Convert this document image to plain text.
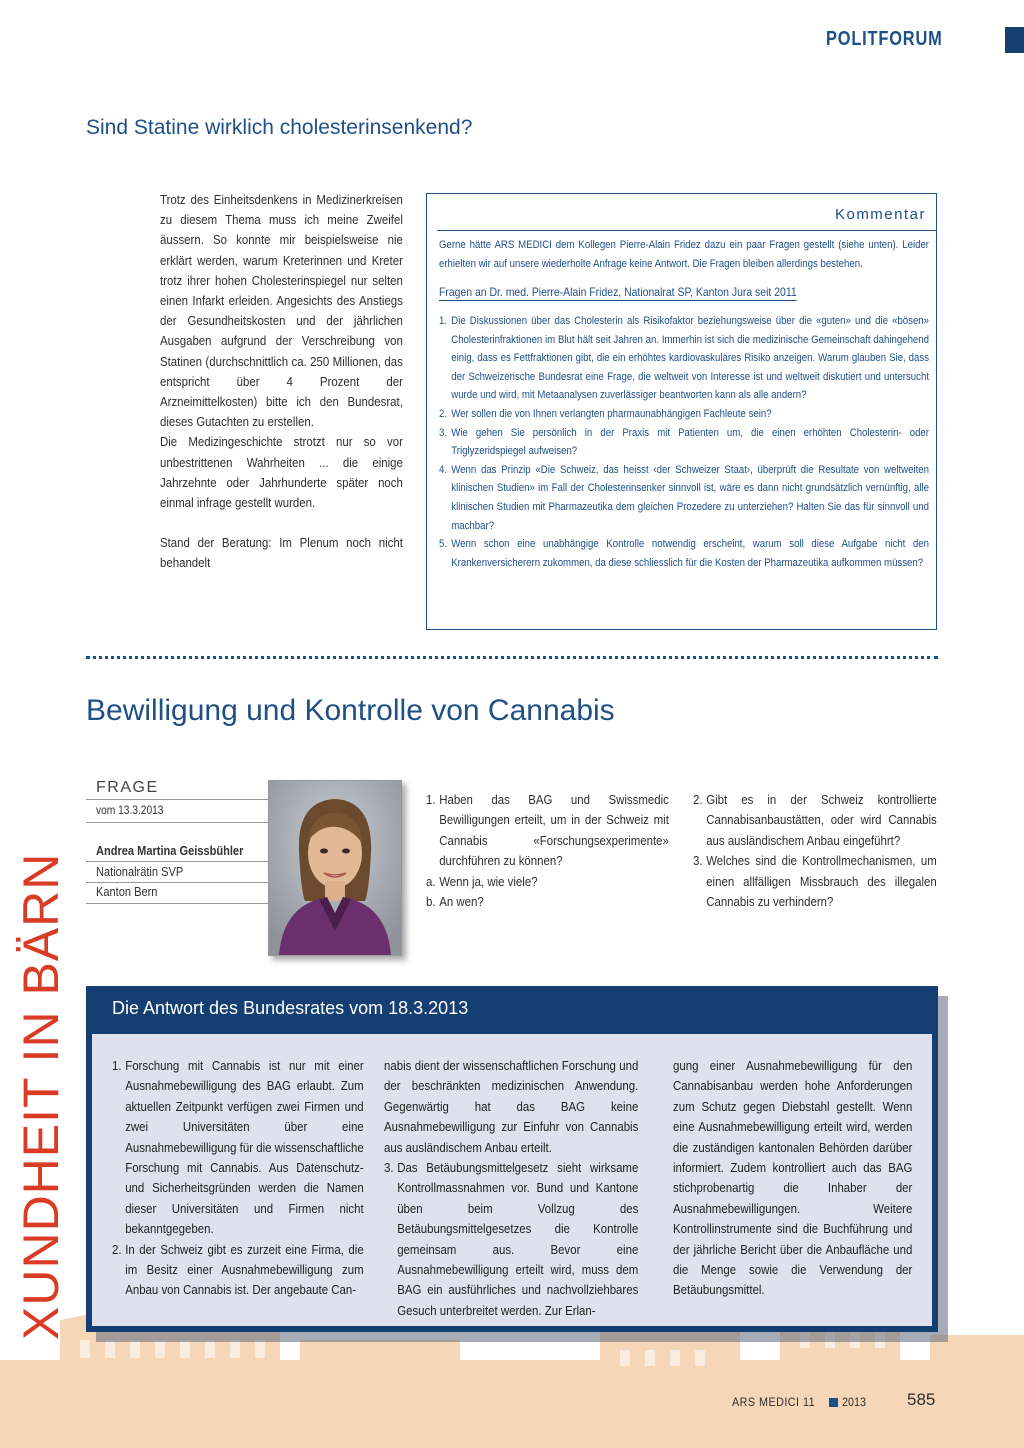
POLITFORUM
Sind Statine wirklich cholesterinsenkend?

Trotz des Einheitsdenkens in Medizinerkreisen zu diesem Thema muss ich meine Zweifel äussern. So konnte mir beispielsweise nie erklärt werden, warum Kreterinnen und Kreter trotz ihrer hohen Cholesterinspiegel nur selten einen Infarkt erleiden. Angesichts des Anstiegs der Gesundheitskosten und der jährlichen Ausgaben aufgrund der Verschreibung von Statinen (durchschnittlich ca. 250 Millionen, das entspricht über 4 Prozent der Arzneimittelkosten) bitte ich den Bundesrat, dieses Gutachten zu erstellen.

Die Medizingeschichte strotzt nur so vor unbestrittenen Wahrheiten ... die einige Jahrzehnte oder Jahrhunderte später noch einmal infrage gestellt wurden.

Stand der Beratung: Im Plenum noch nicht behandelt

Kommentar
Gerne hätte ARS MEDICI dem Kollegen Pierre-Alain Fridez dazu ein paar Fragen gestellt (siehe unten). Leider erhielten wir auf unsere wiederholte Anfrage keine Antwort. Die Fragen bleiben allerdings bestehen.
Fragen an Dr. med. Pierre-Alain Fridez, Nationalrat SP, Kanton Jura seit 2011
1. Die Diskussionen über das Cholesterin als Risikofaktor beziehungsweise über die «guten» und die «bösen» Cholesterinfraktionen im Blut hält seit Jahren an. Immerhin ist sich die medizinische Gemeinschaft dahingehend einig, dass es Fettfraktionen gibt, die ein erhöhtes kardiovaskuläres Risiko anzeigen. Warum glauben Sie, dass der Schweizerische Bundesrat eine Frage, die weltweit von Interesse ist und weltweit diskutiert und untersucht wurde und wird, mit Metaanalysen zuverlässiger beantworten kann als alle andern?
2. Wer sollen die von Ihnen verlangten pharmaunabhängigen Fachleute sein?
3. Wie gehen Sie persönlich in der Praxis mit Patienten um, die einen erhöhten Cholesterin- oder Triglyzeridspiegel aufweisen?
4. Wenn das Prinzip «Die Schweiz, das heisst ‹der Schweizer Staat›, überprüft die Resultate von weltweiten klinischen Studien» im Fall der Cholesterinsenker sinnvoll ist, wäre es dann nicht grundsätzlich vernünftig, alle klinischen Studien mit Pharmazeutika dem gleichen Prozedere zu unterziehen? Halten Sie das für sinnvoll und machbar?
5. Wenn schon eine unabhängige Kontrolle notwendig erscheint, warum soll diese Aufgabe nicht den Krankenversicherern zukommen, da diese schliesslich für die Kosten der Pharmazeutika aufkommen müssen?
Bewilligung und Kontrolle von Cannabis
FRAGE
vom 13.3.2013
Andrea Martina Geissbühler
Nationalrätin SVP
Kanton Bern
1. Haben das BAG und Swissmedic Bewilligungen erteilt, um in der Schweiz mit Cannabis «Forschungsexperimente» durchführen zu können?
a. Wenn ja, wie viele?
b. An wen?
2. Gibt es in der Schweiz kontrollierte Cannabisanbaustätten, oder wird Cannabis aus ausländischem Anbau eingeführt?
3. Welches sind die Kontrollmechanismen, um einen allfälligen Missbrauch des illegalen Cannabis zu verhindern?
Die Antwort des Bundesrates vom 18.3.2013
1. Forschung mit Cannabis ist nur mit einer Ausnahmebewilligung des BAG erlaubt. Zum aktuellen Zeitpunkt verfügen zwei Firmen und zwei Universitäten über eine Ausnahmebewilligung für die wissenschaftliche Forschung mit Cannabis. Aus Datenschutz- und Sicherheitsgründen werden die Namen dieser Universitäten und Firmen nicht bekanntgegeben.
2. In der Schweiz gibt es zurzeit eine Firma, die im Besitz einer Ausnahmebewilligung zum Anbau von Cannabis ist. Der angebaute Can-

nabis dient der wissenschaftlichen Forschung und der beschränkten medizinischen Anwendung. Gegenwärtig hat das BAG keine Ausnahmebewilligung zur Einfuhr von Cannabis aus ausländischem Anbau erteilt.

3. Das Betäubungsmittelgesetz sieht wirksame Kontrollmassnahmen vor. Bund und Kantone üben beim Vollzug des Betäubungsmittelgesetzes die Kontrolle gemeinsam aus. Bevor eine Ausnahmebewilligung erteilt wird, muss dem BAG ein ausführliches und nachvollziehbares Gesuch unterbreitet werden. Zur Erlan-

gung einer Ausnahmebewilligung für den Cannabisanbau werden hohe Anforderungen zum Schutz gegen Diebstahl gestellt. Wenn eine Ausnahmebewilligung erteilt wird, werden die zuständigen kantonalen Behörden darüber informiert. Zudem kontrolliert auch das BAG stichprobenartig die Inhaber der Ausnahmebewilligungen. Weitere Kontrollinstrumente sind die Buchführung und der jährliche Bericht über die Anbaufläche und die Menge sowie die Verwendung der Betäubungsmittel.

XUNDHEIT IN BÄRN
ARS MEDICI 11 2013 585
